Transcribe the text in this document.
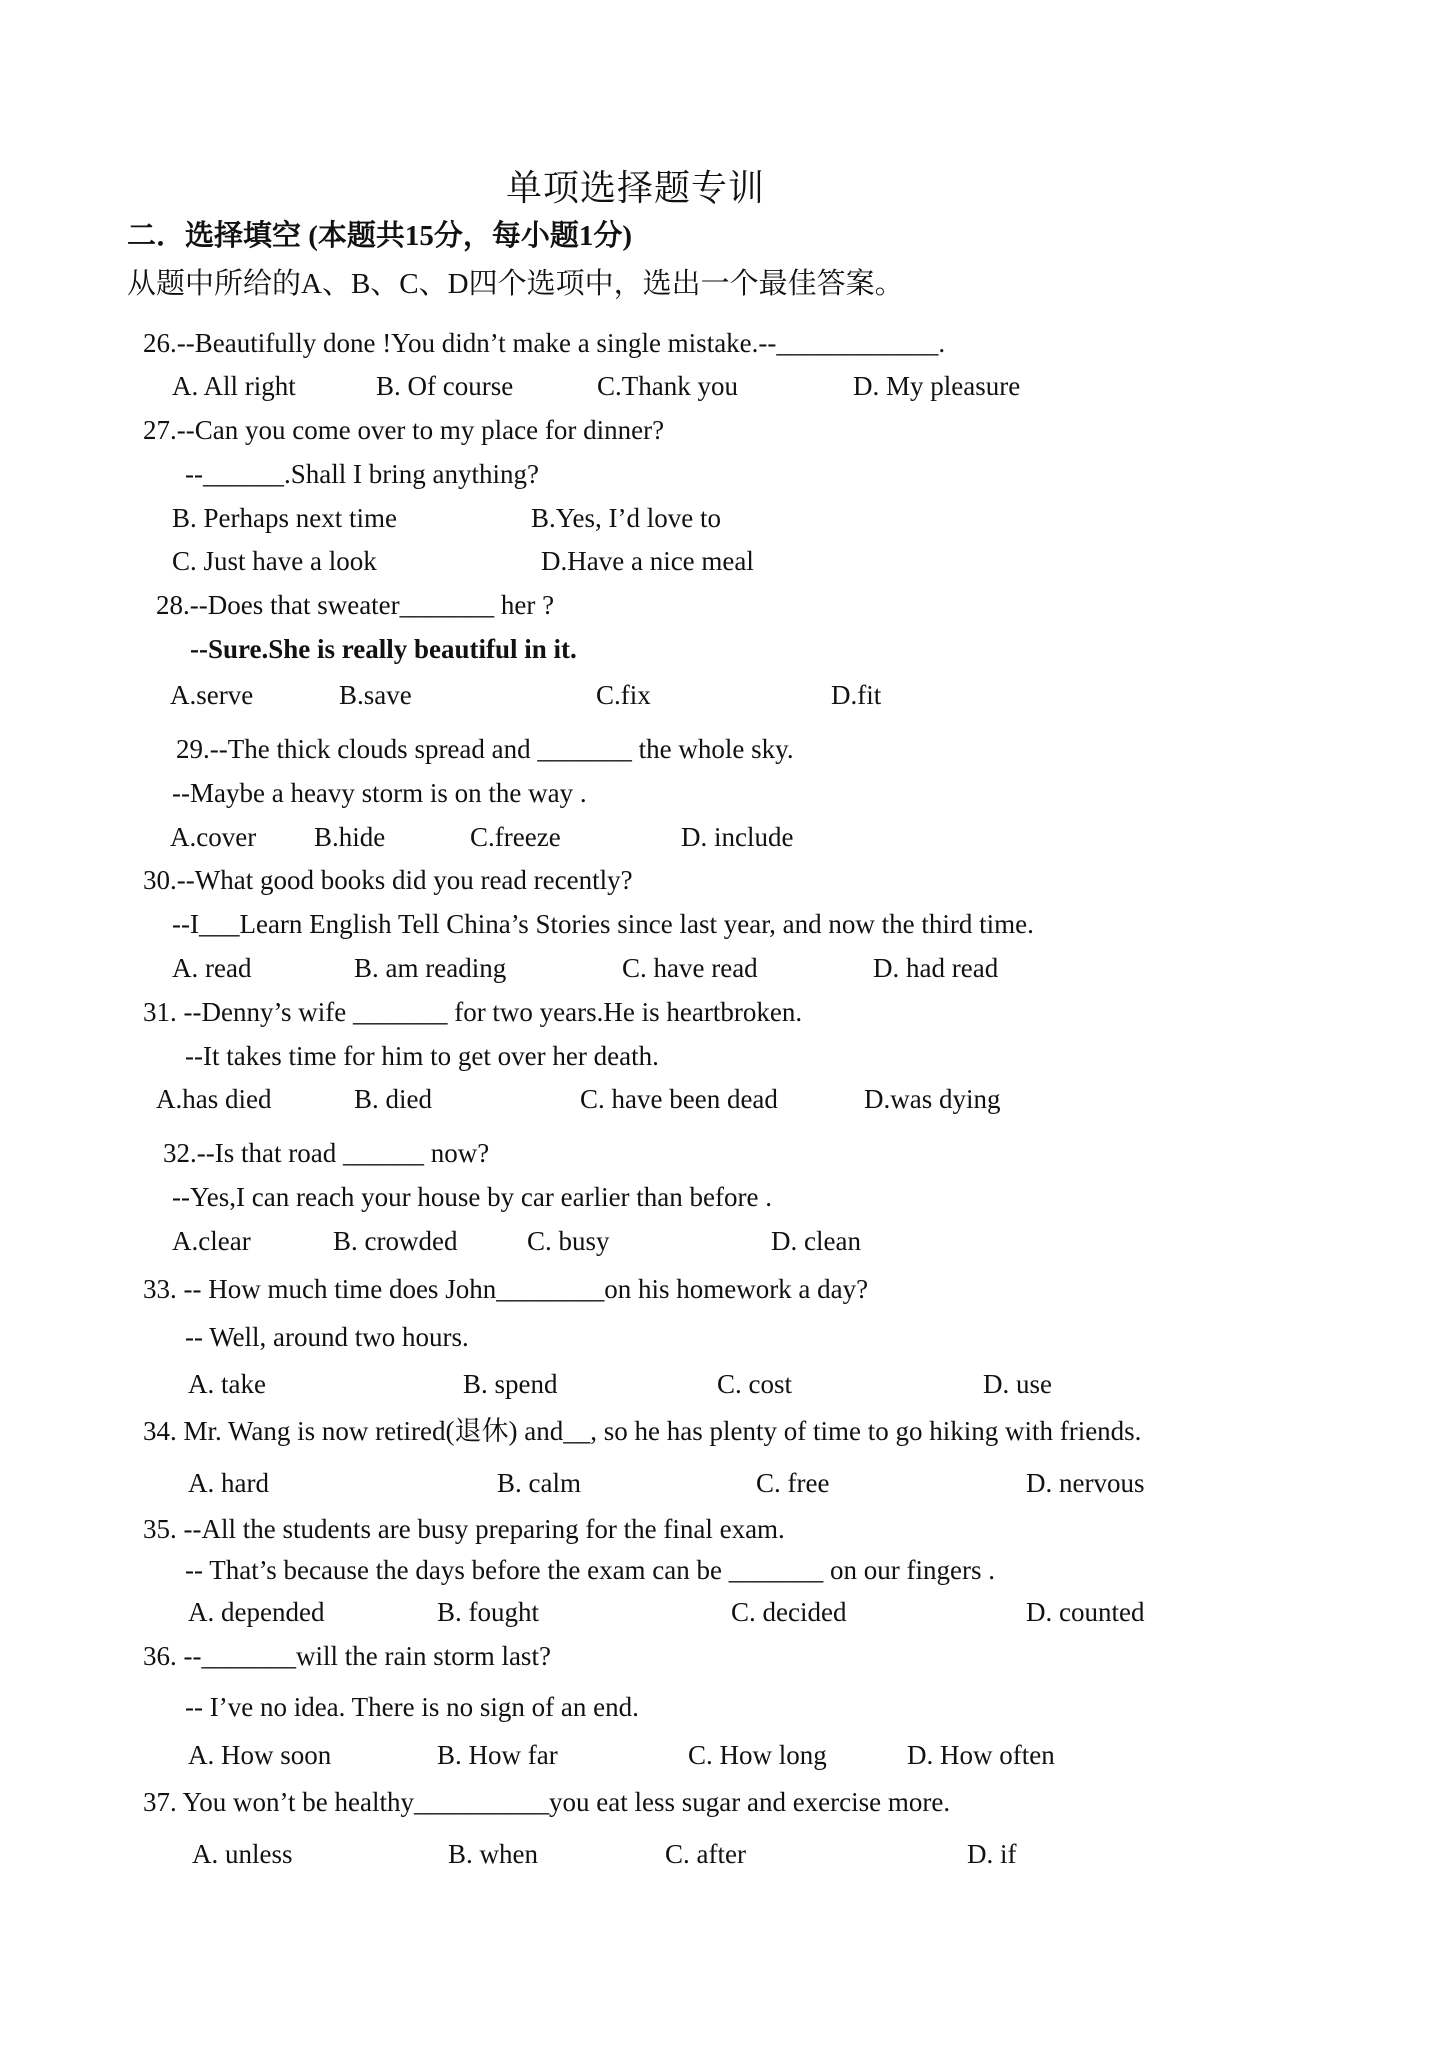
单项选择题专训
二．选择填空 (本题共15分，每小题1分)
从题中所给的A、B、C、D四个选项中，选出一个最佳答案。
26.--Beautifully done !You didn’t make a single mistake.--____________.
A. All right	B. Of course	C.Thank you	D. My pleasure
27.--Can you come over to my place for dinner?
--______.Shall I bring anything?
B. Perhaps next time	B.Yes, I’d love to
C. Just have a look	D.Have a nice meal
28.--Does that sweater_______ her ?
--Sure.She is really beautiful in it.
A.serve	B.save	C.fix	D.fit
29.--The thick clouds spread and _______ the whole sky.
--Maybe a heavy storm is on the way .
A.cover B.hide	C.freeze	D. include
30.--What good books did you read recently?
--I___Learn English Tell China’s Stories since last year, and now the third time.
A. read	B. am reading	C. have read	D. had read
31. --Denny’s wife _______ for two years.He is heartbroken.
--It takes time for him to get over her death.
A.has died	B. died	C. have been dead	D.was dying
32.--Is that road ______ now?
--Yes,I can reach your house by car earlier than before .
A.clear	B. crowded	C. busy	D. clean
33. -- How much time does John________on his homework a day?
-- Well, around two hours.
A. take	B. spend	C. cost	D. use
34. Mr. Wang is now retired(退休) and__, so he has plenty of time to go hiking with friends.
A. hard	B. calm	C. free	D. nervous
35. --All the students are busy preparing for the final exam.
-- That’s because the days before the exam can be _______ on our fingers .
A. depended	B. fought	C. decided	D. counted
36. --_______will the rain storm last?
-- I’ve no idea. There is no sign of an end.
A. How soon	B. How far	C. How long	D. How often
37. You won’t be healthy__________you eat less sugar and exercise more.
A. unless	B. when	C. after	D. if
